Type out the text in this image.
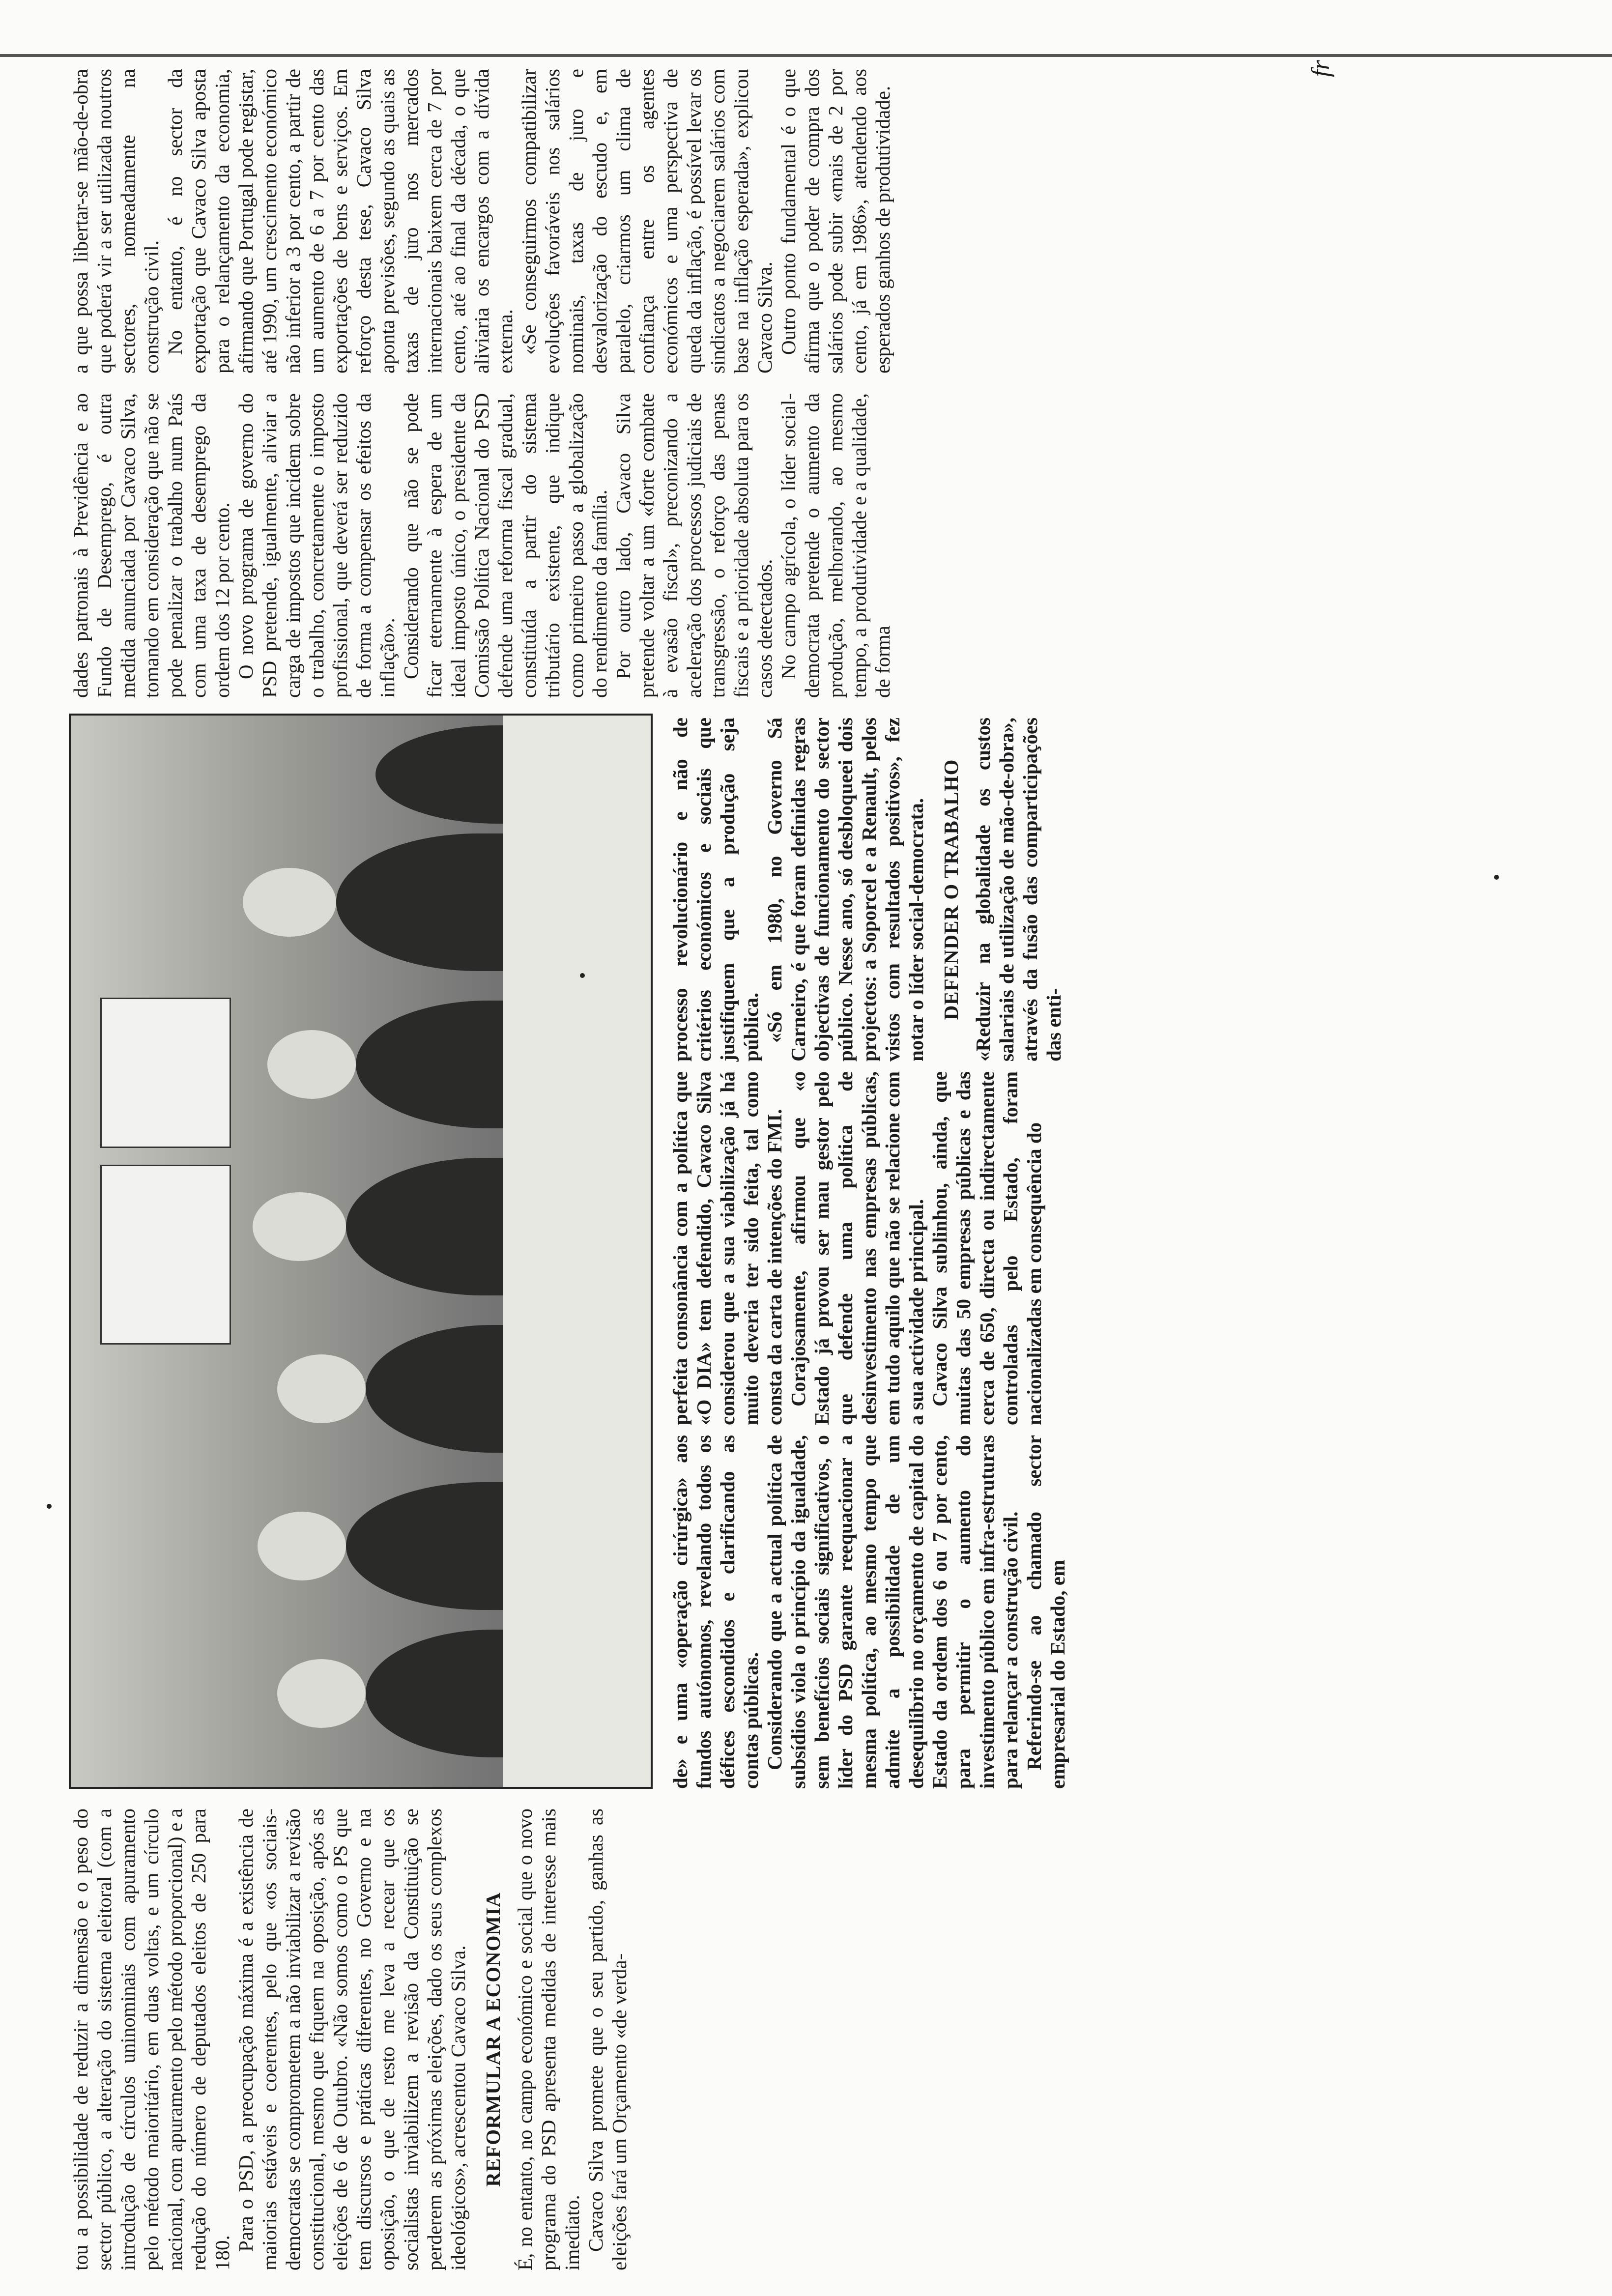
fr

tou a possibilidade de reduzir a dimensão e o peso do sector público, a alteração do sistema eleitoral (com a introdução de círculos uninominais com apuramento pelo método maioritário, em duas voltas, e um círculo nacional, com apuramento pelo método proporcional) e a redução do número de deputados eleitos de 250 para 180.

Para o PSD, a preocupação máxima é a existência de maiorias estáveis e coerentes, pelo que «os sociais-democratas se comprometem a não inviabilizar a revisão constitucional, mesmo que fiquem na oposição, após as eleições de 6 de Outubro. «Não somos como o PS que tem discursos e práticas diferentes, no Governo e na oposição, o que de resto me leva a recear que os socialistas inviabilizem a revisão da Constituição se perderem as próximas eleições, dado os seus complexos ideológicos», acrescentou Cavaco Silva. REFORMULAR A ECONOMIA É, no entanto, no campo económico e social que o novo programa do PSD apresenta medidas de interesse mais imediato. Cavaco Silva promete que o seu partido, ganhas as eleições fará um Orçamento «de verda-

de» e uma «operação cirúrgica» aos fundos autónomos, revelando todos os défices escondidos e clarificando as contas públicas. Considerando que a actual política de subsídios viola o princípio da igualdade, sem benefícios sociais significativos, o líder do PSD garante reequacionar a mesma política, ao mesmo tempo que admite a possibilidade de um desequilíbrio no orçamento de capital do Estado da ordem dos 6 ou 7 por cento, para permitir o aumento do investimento público em infra-estruturas para relançar a construção civil. Referindo-se ao chamado sector empresarial do Estado, em

perfeita consonância com a política que «O DIA» tem defendido, Cavaco Silva considerou que a sua viabilização já há muito deveria ter sido feita, tal como consta da carta de intenções do FMI. Corajosamente, afirmou que «o Estado já provou ser mau gestor pelo que defende uma política de desinvestimento nas empresas públicas, em tudo aquilo que não se relacione com a sua actividade principal. Cavaco Silva sublinhou, ainda, que muitas das 50 empresas públicas e das cerca de 650, directa ou indirectamente controladas pelo Estado, foram nacionalizadas em consequência do

processo revolucionário e não de critérios económicos e sociais que justifiquem que a produção seja pública. «Só em 1980, no Governo Sá Carneiro, é que foram definidas regras objectivas de funcionamento do sector público. Nesse ano, só desbloqueei dois projectos: a Soporcel e a Renault, pelos vistos com resultados positivos», fez notar o líder social-democrata. DEFENDER O TRABALHO «Reduzir na globalidade os custos salariais de utilização de mão-de-obra», através da fusão das comparticipações das enti-

dades patronais à Previdência e ao Fundo de Desemprego, é outra medida anunciada por Cavaco Silva, tomando em consideração que não se pode penalizar o trabalho num País com uma taxa de desemprego da ordem dos 12 por cento. O novo programa de governo do PSD pretende, igualmente, aliviar a carga de impostos que incidem sobre o trabalho, concretamente o imposto profissional, que deverá ser reduzido de forma a compensar os efeitos da inflação». Considerando que não se pode ficar eternamente à espera de um ideal imposto único, o presidente da Comissão Política Nacional do PSD defende uma reforma fiscal gradual, constituída a partir do sistema tributário existente, que indique como primeiro passo a globalização do rendimento da família. Por outro lado, Cavaco Silva pretende voltar a um «forte combate à evasão fiscal», preconizando a aceleração dos processos judiciais de transgressão, o reforço das penas fiscais e a prioridade absoluta para os casos detectados. No campo agrícola, o líder social-democrata pretende o aumento da produção, melhorando, ao mesmo tempo, a produtividade e a qualidade, de forma

a que possa libertar-se mão-de-obra que poderá vir a ser utilizada noutros sectores, nomeadamente na construção civil. No entanto, é no sector da exportação que Cavaco Silva aposta para o relançamento da economia, afirmando que Portugal pode registar, até 1990, um crescimento económico não inferior a 3 por cento, a partir de um aumento de 6 a 7 por cento das exportações de bens e serviços. Em reforço desta tese, Cavaco Silva aponta previsões, segundo as quais as taxas de juro nos mercados internacionais baixem cerca de 7 por cento, até ao final da década, o que aliviaria os encargos com a dívida externa. «Se conseguirmos compatibilizar evoluções favoráveis nos salários nominais, taxas de juro e desvalorização do escudo e, em paralelo, criarmos um clima de confiança entre os agentes económicos e uma perspectiva de queda da inflação, é possível levar os sindicatos a negociarem salários com base na inflação esperada», explicou Cavaco Silva. Outro ponto fundamental é o que afirma que o poder de compra dos salários pode subir «mais de 2 por cento, já em 1986», atendendo aos esperados ganhos de produtividade.
